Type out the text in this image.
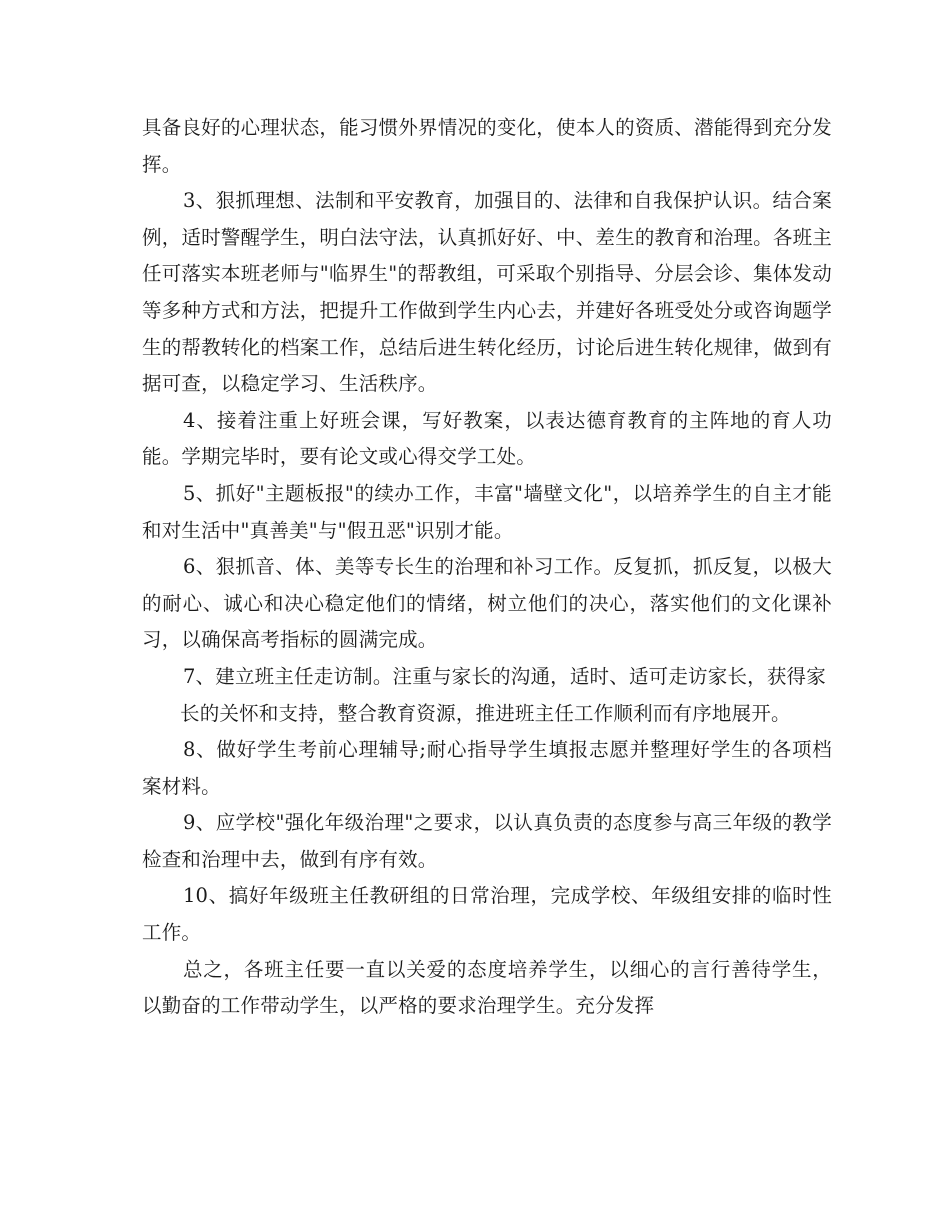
具备良好的心理状态，能习惯外界情况的变化，使本人的资质、潜能得到充分发挥。

3、狠抓理想、法制和平安教育，加强目的、法律和自我保护认识。结合案例，适时警醒学生，明白法守法，认真抓好好、中、差生的教育和治理。各班主任可落实本班老师与"临界生"的帮教组，可采取个别指导、分层会诊、集体发动等多种方式和方法，把提升工作做到学生内心去，并建好各班受处分或咨询题学生的帮教转化的档案工作，总结后进生转化经历，讨论后进生转化规律，做到有据可查，以稳定学习、生活秩序。

4、接着注重上好班会课，写好教案，以表达德育教育的主阵地的育人功能。学期完毕时，要有论文或心得交学工处。

5、抓好"主题板报"的续办工作，丰富"墙壁文化"，以培养学生的自主才能和对生活中"真善美"与"假丑恶"识别才能。

6、狠抓音、体、美等专长生的治理和补习工作。反复抓，抓反复，以极大的耐心、诚心和决心稳定他们的情绪，树立他们的决心，落实他们的文化课补习，以确保高考指标的圆满完成。

7、建立班主任走访制。注重与家长的沟通，适时、适可走访家长，获得家

长的关怀和支持，整合教育资源，推进班主任工作顺利而有序地展开。

8、做好学生考前心理辅导;耐心指导学生填报志愿并整理好学生的各项档案材料。

9、应学校"强化年级治理"之要求，以认真负责的态度参与高三年级的教学检查和治理中去，做到有序有效。

10、搞好年级班主任教研组的日常治理，完成学校、年级组安排的临时性工作。

总之，各班主任要一直以关爱的态度培养学生，以细心的言行善待学生，以勤奋的工作带动学生，以严格的要求治理学生。充分发挥
